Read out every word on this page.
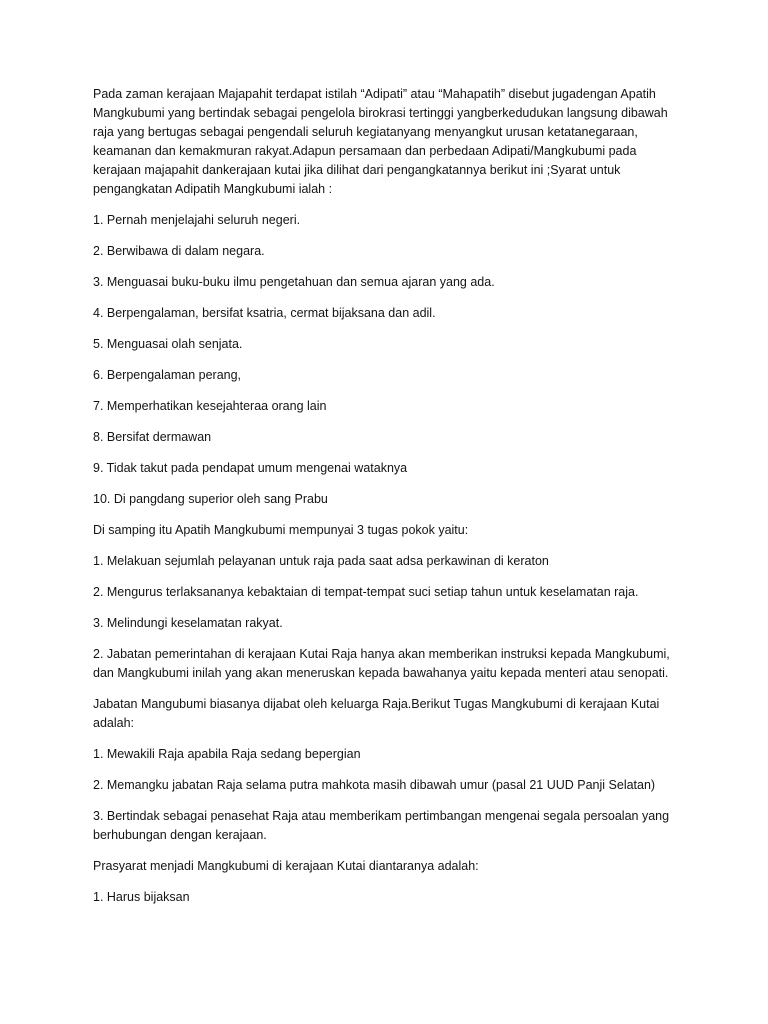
Pada zaman kerajaan Majapahit terdapat istilah “Adipati” atau “Mahapatih” disebut jugadengan Apatih Mangkubumi yang bertindak sebagai pengelola birokrasi tertinggi yangberkedudukan langsung dibawah raja yang bertugas sebagai pengendali seluruh kegiatanyang menyangkut urusan ketatanegaraan, keamanan dan kemakmuran rakyat.Adapun persamaan dan perbedaan Adipati/Mangkubumi pada kerajaan majapahit dankerajaan kutai jika dilihat dari pengangkatannya berikut ini ;Syarat untuk pengangkatan Adipatih Mangkubumi ialah :

1. Pernah menjelajahi seluruh negeri.

2. Berwibawa di dalam negara.

3. Menguasai buku-buku ilmu pengetahuan dan semua ajaran yang ada.

4. Berpengalaman, bersifat ksatria, cermat bijaksana dan adil.

5. Menguasai olah senjata.

6. Berpengalaman perang,

7. Memperhatikan kesejahteraa orang lain

8. Bersifat dermawan

9. Tidak takut pada pendapat umum mengenai wataknya

10. Di pangdang superior oleh sang Prabu

Di samping itu Apatih Mangkubumi mempunyai 3 tugas pokok yaitu:

1. Melakuan sejumlah pelayanan untuk raja pada saat adsa perkawinan di keraton

2. Mengurus terlaksananya kebaktaian di tempat-tempat suci setiap tahun untuk keselamatan raja.

3. Melindungi keselamatan rakyat.

2. Jabatan pemerintahan di kerajaan Kutai Raja hanya akan memberikan instruksi kepada Mangkubumi, dan Mangkubumi inilah yang akan meneruskan kepada bawahanya yaitu kepada menteri atau senopati.

Jabatan Mangubumi biasanya dijabat oleh keluarga Raja.Berikut Tugas Mangkubumi di kerajaan Kutai adalah:

1. Mewakili Raja apabila Raja sedang bepergian

2. Memangku jabatan Raja selama putra mahkota masih dibawah umur (pasal 21 UUD Panji Selatan)

3. Bertindak sebagai penasehat Raja atau memberikam pertimbangan mengenai segala persoalan yang berhubungan dengan kerajaan.

Prasyarat menjadi Mangkubumi di kerajaan Kutai diantaranya adalah:

1. Harus bijaksan
